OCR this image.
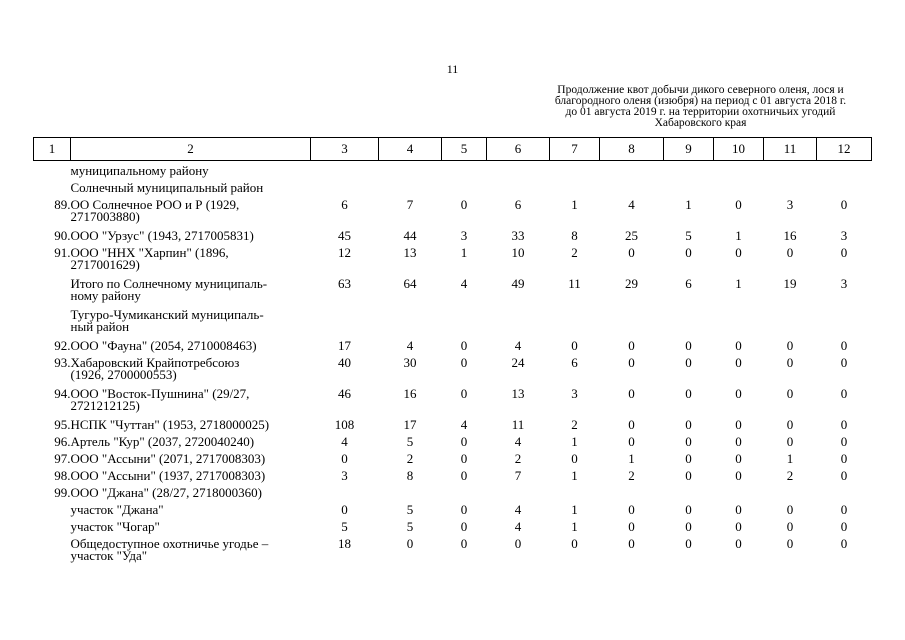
11
Продолжение квот добычи дикого северного оленя, лося и
благородного оленя (изюбря) на период с 01 августа 2018 г.
до 01 августа 2019 г. на территории охотничьих угодий
Хабаровского края
1	2	3	4	5	6	7	8	9	10	11	12

	муниципальному району										

	Солнечный муниципальный район										

89.	ОО Солнечное РОО и Р (1929,
2717003880)	6	7	0	6	1	4	1	0	3	0
90.	ООО "Урзус" (1943, 2717005831)	45	44	3	33	8	25	5	1	16	3
91.	ООО "ННХ "Харпин" (1896,
2717001629)	12	13	1	10	2	0	0	0	0	0

	Итого по Солнечному муниципаль-
ному району	63	64	4	49	11	29	6	1	19	3

	Тугуро-Чумиканский муниципаль-
ный район										

92.	ООО "Фауна" (2054, 2710008463)	17	4	0	4	0	0	0	0	0	0
93.	Хабаровский Крайпотребсоюз
(1926, 2700000553)	40	30	0	24	6	0	0	0	0	0
94.	ООО "Восток-Пушнина" (29/27,
2721212125)	46	16	0	13	3	0	0	0	0	0
95.	НСПК "Чуттан" (1953, 2718000025)	108	17	4	11	2	0	0	0	0	0
96.	Артель "Кур" (2037, 2720040240)	4	5	0	4	1	0	0	0	0	0
97.	ООО "Ассыни" (2071, 2717008303)	0	2	0	2	0	1	0	0	1	0
98.	ООО "Ассыни" (1937, 2717008303)	3	8	0	7	1	2	0	0	2	0
99.	ООО "Джана" (28/27, 2718000360)										

	участок "Джана"	0	5	0	4	1	0	0	0	0	0

	участок "Чогар"	5	5	0	4	1	0	0	0	0	0

	Общедоступное охотничье угодье –
участок "Уда"	18	0	0	0	0	0	0	0	0	0
